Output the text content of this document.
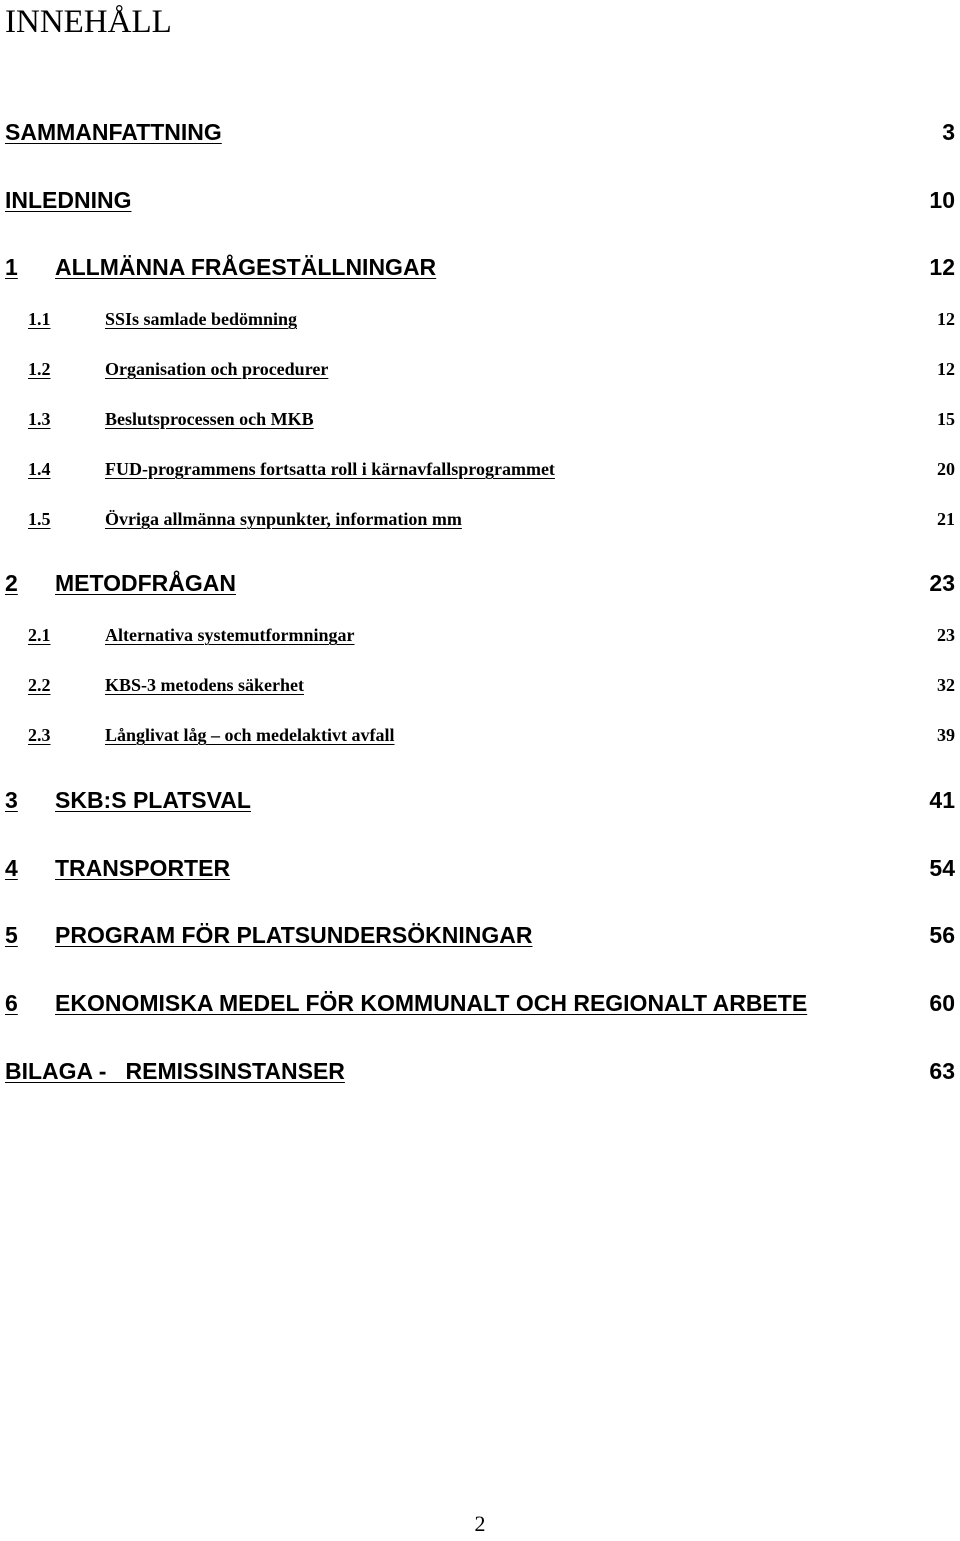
INNEHÅLL
SAMMANFATTNING	3
INLEDNING	10
1 ALLMÄNNA FRÅGESTÄLLNINGAR	12
1.1	SSIs samlade bedömning	12
1.2	Organisation och procedurer	12
1.3	Beslutsprocessen och MKB	15
1.4	FUD-programmens fortsatta roll i kärnavfallsprogrammet	20
1.5	Övriga allmänna synpunkter, information mm	21
2 METODFRÅGAN	23
2.1	Alternativa systemutformningar	23
2.2	KBS-3 metodens säkerhet	32
2.3	Långlivat låg – och medelaktivt avfall	39
3 SKB:S PLATSVAL	41
4 TRANSPORTER	54
5 PROGRAM FÖR PLATSUNDERSÖKNINGAR	56
6 EKONOMISKA MEDEL FÖR KOMMUNALT OCH REGIONALT ARBETE	60
BILAGA -   REMISSINSTANSER	63
2
